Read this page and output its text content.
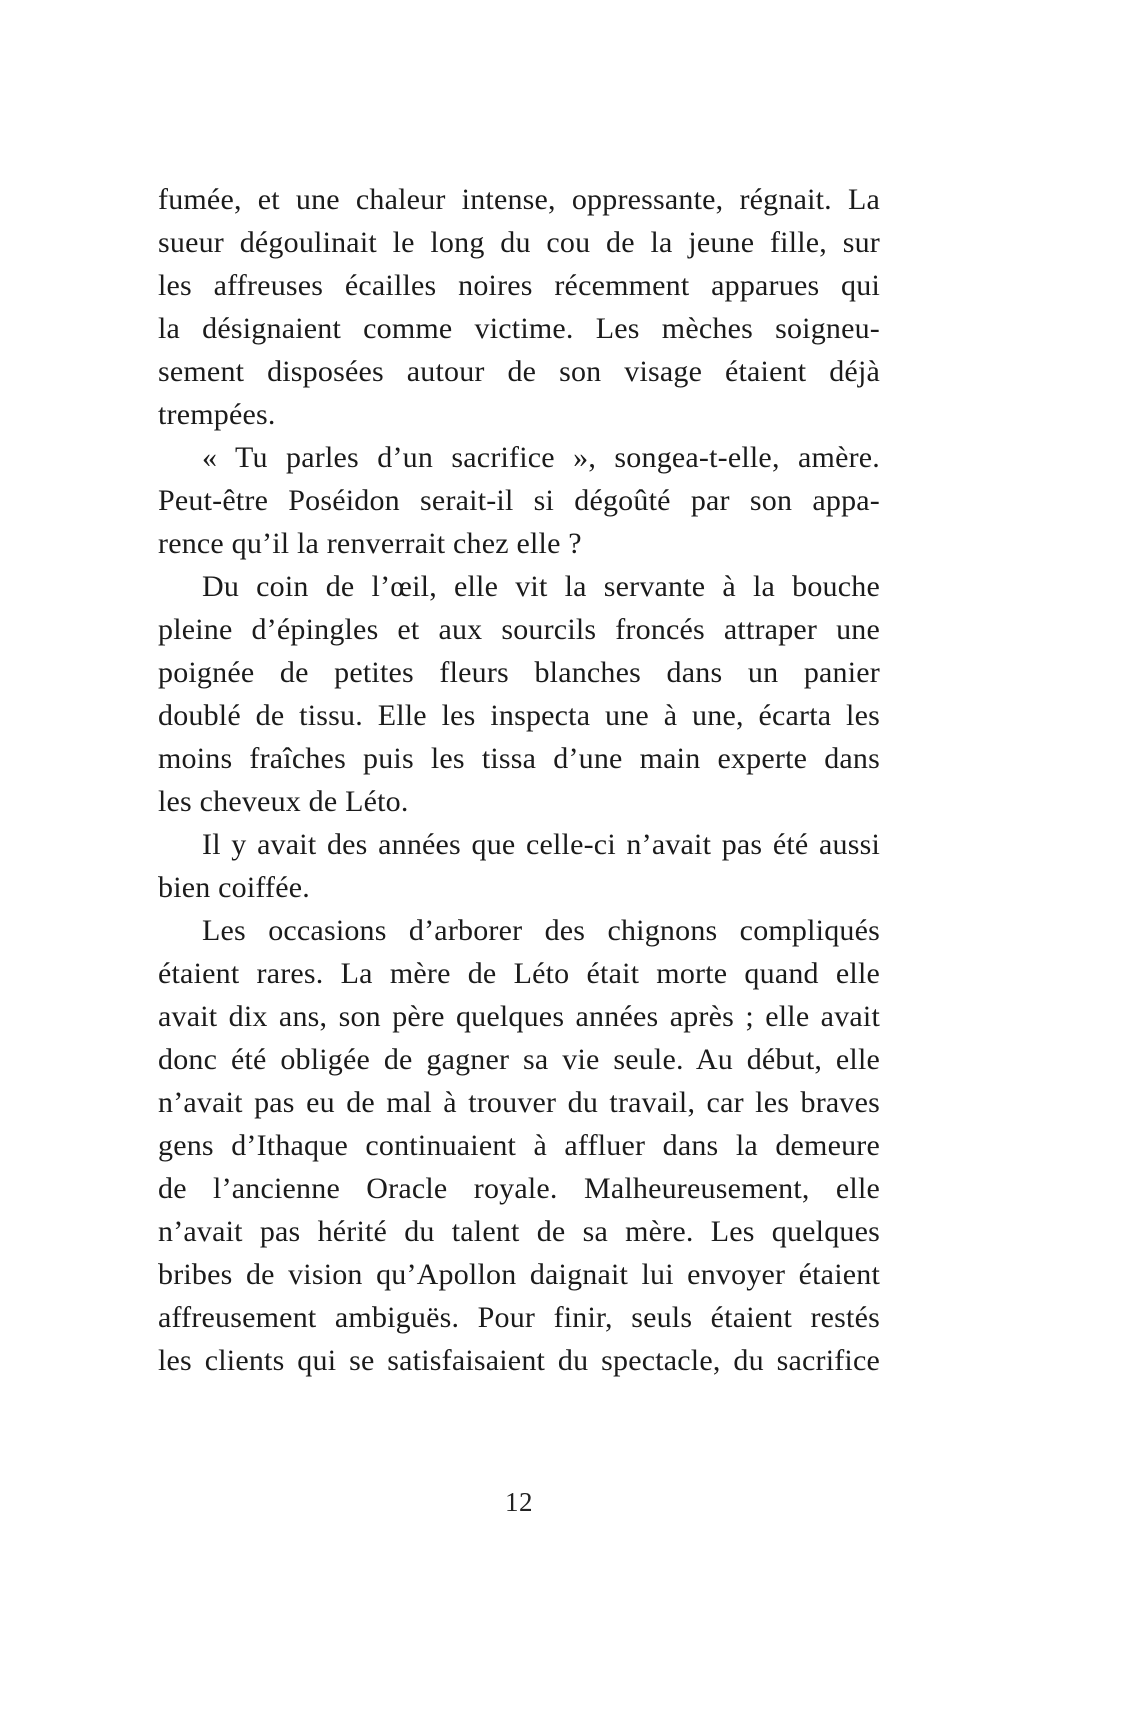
fumée, et une chaleur intense, oppressante, régnait. La
sueur dégoulinait le long du cou de la jeune fille, sur
les affreuses écailles noires récemment apparues qui
la désignaient comme victime. Les mèches soigneu-
sement disposées autour de son visage étaient déjà
trempées.
« Tu parles d’un sacrifice », songea-t-elle, amère.
Peut-être Poséidon serait-il si dégoûté par son appa-
rence qu’il la renverrait chez elle ?
Du coin de l’œil, elle vit la servante à la bouche
pleine d’épingles et aux sourcils froncés attraper une
poignée de petites fleurs blanches dans un panier
doublé de tissu. Elle les inspecta une à une, écarta les
moins fraîches puis les tissa d’une main experte dans
les cheveux de Léto.
Il y avait des années que celle-ci n’avait pas été aussi
bien coiffée.
Les occasions d’arborer des chignons compliqués
étaient rares. La mère de Léto était morte quand elle
avait dix ans, son père quelques années après ; elle avait
donc été obligée de gagner sa vie seule. Au début, elle
n’avait pas eu de mal à trouver du travail, car les braves
gens d’Ithaque continuaient à affluer dans la demeure
de l’ancienne Oracle royale. Malheureusement, elle
n’avait pas hérité du talent de sa mère. Les quelques
bribes de vision qu’Apollon daignait lui envoyer étaient
affreusement ambiguës. Pour finir, seuls étaient restés
les clients qui se satisfaisaient du spectacle, du sacrifice
12
